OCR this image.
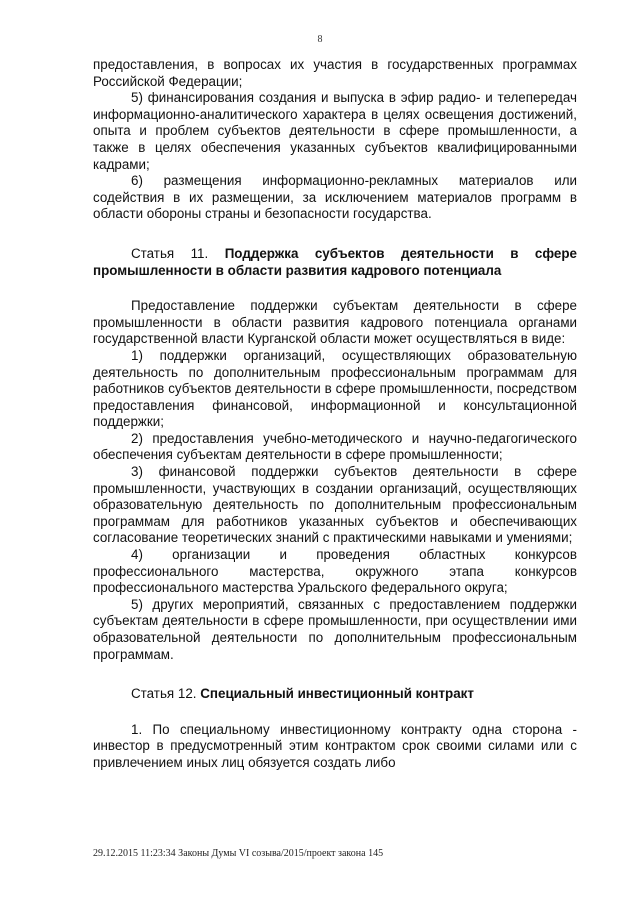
8

предоставления, в вопросах их участия в государственных программах Российской Федерации;

5) финансирования создания и выпуска в эфир радио- и телепередач информационно-аналитического характера в целях освещения достижений, опыта и проблем субъектов деятельности в сфере промышленности, а также в целях обеспечения указанных субъектов квалифицированными кадрами;

6) размещения информационно-рекламных материалов или содействия в их размещении, за исключением материалов программ в области обороны страны и безопасности государства.

Статья 11. Поддержка субъектов деятельности в сфере промышленности в области развития кадрового потенциала

Предоставление поддержки субъектам деятельности в сфере промышленности в области развития кадрового потенциала органами государственной власти Курганской области может осуществляться в виде:

1) поддержки организаций, осуществляющих образовательную деятельность по дополнительным профессиональным программам для работников субъектов деятельности в сфере промышленности, посредством предоставления финансовой, информационной и консультационной поддержки;

2) предоставления учебно-методического и научно-педагогического обеспечения субъектам деятельности в сфере промышленности;

3) финансовой поддержки субъектов деятельности в сфере промышленности, участвующих в создании организаций, осуществляющих образовательную деятельность по дополнительным профессиональным программам для работников указанных субъектов и обеспечивающих согласование теоретических знаний с практическими навыками и умениями;

4) организации и проведения областных конкурсов профессионального мастерства, окружного этапа конкурсов профессионального мастерства Уральского федерального округа;

5) других мероприятий, связанных с предоставлением поддержки субъектам деятельности в сфере промышленности, при осуществлении ими образовательной деятельности по дополнительным профессиональным программам.

Статья 12. Специальный инвестиционный контракт

1. По специальному инвестиционному контракту одна сторона - инвестор в предусмотренный этим контрактом срок своими силами или с привлечением иных лиц обязуется создать либо

29.12.2015 11:23:34 Законы Думы VI созыва/2015/проект закона 145
